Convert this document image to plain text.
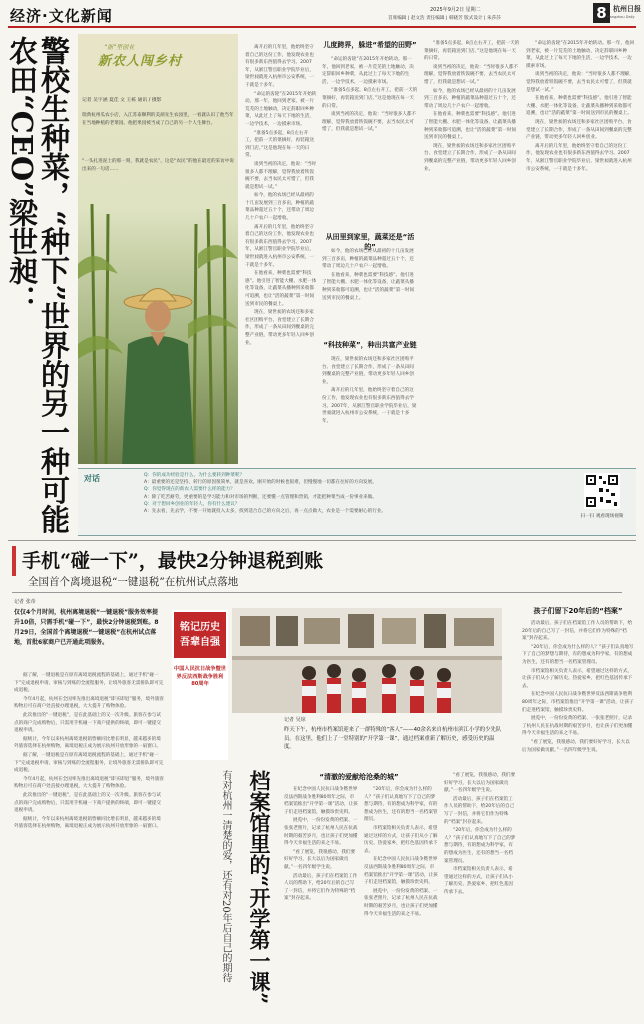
经济·文化新闻	2025年9月2日 星期二
首席编辑 | 赵文浩 责任编辑 | 韩晓芳 版式设计 | 朱莎莎	8 杭州日报
Hangzhou Daily
警校生种菜，“种下”世界的另一种可能
农田“CEO”梁世昶：	“浙”里创业
新农人闯乡村
记者 吴宇涵 夏佳 文 王栋 通讯 / 摄影
瑞典杭州瓜农小店，入江苏泰顺利的美颜先生农园里，一看就认识了他当年在当地种植的老菜园。他把果园被当成了自己的另一个人生舞台。
“一头扎进泥土的那一刻，我就是农民”，这是“农民”的他在最近的采访中说出来的一句话……

离开后的几年里，他始终坚守着自己的这份工作，他发现农业也有很多新东西值得去学习。2007年，从浙江警官职业学院毕业后，梁世昶就进入杭州市公安系统，一干就是十多年。

“命运的齿轮”在2015年开始转动。那一年，他回到老家，被一片荒芜的土地触动，决定辞职回乡种菜，从此过上了每天下地的生活，一边学技术，一边摸索市场。

“准备5点多起，8点左右开工，把前一天的菜摘好，再装箱送到门店。”这是他现在每一天的日常。

谈到当初的决定，他说：“当时很多人都不理解，觉得我放着铁饭碗不要，去当农民太可惜了，但我就是想试一试。”

如今，他的农场已经从最初的十几亩发展到三百多亩，种植的蔬菜品种超过五十个，还带动了周边几十户农户一起增收。

离开后的几年里，他始终坚守着自己的这份工作，他发现农业也有很多新东西值得去学习。2007年，从浙江警官职业学院毕业后，梁世昶就进入杭州市公安系统，一干就是十多年。

在他看来，种菜也需要“科技感”。他引进了智能大棚、水肥一体化等设备，让蔬菜从播种到采收都可追溯，也让“活的蔬菜”第一时间送到市民的餐桌上。

现在，梁世昶的农场还和多家社区团购平台、食堂建立了长期合作，形成了一条从田间到餐桌的完整产业链，带动更多年轻人回乡创业。

儿度跨界，躲进“希望的田野”

“命运的齿轮”在2015年开始转动。那一年，他回到老家，被一片荒芜的土地触动，决定辞职回乡种菜，从此过上了每天下地的生活，一边学技术，一边摸索市场。

“准备5点多起，8点左右开工，把前一天的菜摘好，再装箱送到门店。”这是他现在每一天的日常。

谈到当初的决定，他说：“当时很多人都不理解，觉得我放着铁饭碗不要，去当农民太可惜了，但我就是想试一试。”

从田里到家里，蔬菜还是“活的”

如今，他的农场已经从最初的十几亩发展到三百多亩，种植的蔬菜品种超过五十个，还带动了周边几十户农户一起增收。

在他看来，种菜也需要“科技感”。他引进了智能大棚、水肥一体化等设备，让蔬菜从播种到采收都可追溯，也让“活的蔬菜”第一时间送到市民的餐桌上。

“科技种菜”，种出共富产业链

现在，梁世昶的农场还和多家社区团购平台、食堂建立了长期合作，形成了一条从田间到餐桌的完整产业链，带动更多年轻人回乡创业。

离开后的几年里，他始终坚守着自己的这份工作，他发现农业也有很多新东西值得去学习。2007年，从浙江警官职业学院毕业后，梁世昶就进入杭州市公安系统，一干就是十多年。

“准备5点多起，8点左右开工，把前一天的菜摘好，再装箱送到门店。”这是他现在每一天的日常。

谈到当初的决定，他说：“当时很多人都不理解，觉得我放着铁饭碗不要，去当农民太可惜了，但我就是想试一试。”

如今，他的农场已经从最初的十几亩发展到三百多亩，种植的蔬菜品种超过五十个，还带动了周边几十户农户一起增收。

在他看来，种菜也需要“科技感”。他引进了智能大棚、水肥一体化等设备，让蔬菜从播种到采收都可追溯，也让“活的蔬菜”第一时间送到市民的餐桌上。

现在，梁世昶的农场还和多家社区团购平台、食堂建立了长期合作，形成了一条从田间到餐桌的完整产业链，带动更多年轻人回乡创业。

“命运的齿轮”在2015年开始转动。那一年，他回到老家，被一片荒芜的土地触动，决定辞职回乡种菜，从此过上了每天下地的生活，一边学技术，一边摸索市场。

谈到当初的决定，他说：“当时很多人都不理解，觉得我放着铁饭碗不要，去当农民太可惜了，但我就是想试一试。”

在他看来，种菜也需要“科技感”。他引进了智能大棚、水肥一体化等设备，让蔬菜从播种到采收都可追溯，也让“活的蔬菜”第一时间送到市民的餐桌上。

现在，梁世昶的农场还和多家社区团购平台、食堂建立了长期合作，形成了一条从田间到餐桌的完整产业链，带动更多年轻人回乡创业。

离开后的几年里，他始终坚守着自己的这份工作，他发现农业也有很多新东西值得去学习。2007年，从浙江警官职业学院毕业后，梁世昶就进入杭州市公安系统，一干就是十多年。

对话	Q：你的成功经验是什么，为什么要转到种菜呢？
A：最重要的还是坚持，转行的原因很简单，就是喜欢。刚开始的时候也很难，但慢慢地一切都在往好的方向发展。
Q：你觉得现在的新农人需要什么样的能力？
A：除了吃苦耐劳，更重要的是学习能力和对市场的判断，还要懂一点管理和营销，才能把种菜当成一份事业来做。
Q：对于想回乡创业的年轻人，你有什么建议？
A：先去看，先去学，不要一开始就投入太多，找到适合自己的方向之后，再一点点做大，农业是一个需要耐心的行业。
扫一扫 观看现场视频
手机“碰一下”，最快2分钟退税到账
全国首个离境退税“一键退税”在杭州试点落地
记者 张帝
仅仅4个月时间，杭州离境退税“一键退税”服务效率提升10倍，只需手机“碰一下”，最快2分钟退税到账。8月29日，全国首个离境退税“一键退税”在杭州试点落地，首批6家商户已开通此项服务。

据了解，一键退税是在原有离境退税流程的基础上，通过手机“碰一下”完成退税申请、审核与到账的全流程服务，让境外旅客无需排队即可完成退税。

今年4月起，杭州在全国率先推出离境退税“即买即退”服务，境外旅客购物后可在商户处直接办理退税，大大提升了购物体验。

此次推出的“一键退税”，是在此基础上的又一次升级。旅客在参与试点的商户完成购物后，只需用手机碰一下商户提供的终端，即可一键提交退税申请。

据统计，今年以来杭州离境退税销售额同比增长明显，越来越多的境外旅客选择在杭州购物，离境退税正成为展示杭州开放形象的一扇窗口。

据了解，一键退税是在原有离境退税流程的基础上，通过手机“碰一下”完成退税申请、审核与到账的全流程服务，让境外旅客无需排队即可完成退税。

今年4月起，杭州在全国率先推出离境退税“即买即退”服务，境外旅客购物后可在商户处直接办理退税，大大提升了购物体验。

此次推出的“一键退税”，是在此基础上的又一次升级。旅客在参与试点的商户完成购物后，只需用手机碰一下商户提供的终端，即可一键提交退税申请。

据统计，今年以来杭州离境退税销售额同比增长明显，越来越多的境外旅客选择在杭州购物，离境退税正成为展示杭州开放形象的一扇窗口。

铭记历史
吾辈自强
中国人民抗日战争暨世界反法西斯战争胜利80周年
档案馆里的“开学第一课”
有对杭州一清楚的爱，还有对20年后自己的期待
记者 吴琼
昨天下午，杭州市档案馆迎来了一群特殊的“客人”——40余名来自杭州市滨江小学的少先队员。在这里，他们上了一堂特别的“开学第一课”，通过档案重新了解历史，感受历史的温度。
“清澈的爱献给沧桑的城”

在纪念中国人民抗日战争暨世界反法西斯战争胜利80周年之际，市档案馆推出“开学第一课”活动，让孩子们走进档案馆，触摸珍贵史料。

展览中，一份份发黄的档案、一张张老照片，记录了杭州人民在抗战时期的艰苦岁月，也让孩子们更加懂得今天幸福生活的来之不易。

“看了展览，我很感动，我们要好好学习，长大以后为国家做贡献。”一名四年级学生说。

活动最后，孩子们在档案馆工作人员的帮助下，给20年后的自己写了一封信，并将它们作为特殊的“档案”封存起来。

“20年后，你会成为什么样的人？”孩子们认真地写下了自己的梦想与期待，有的想成为科学家，有的想成为医生，还有的想当一名档案管理员。

市档案馆相关负责人表示，希望通过这样的方式，让孩子们从小了解历史、热爱家乡，把红色基因传承下去。

在纪念中国人民抗日战争暨世界反法西斯战争胜利80周年之际，市档案馆推出“开学第一课”活动，让孩子们走进档案馆，触摸珍贵史料。

展览中，一份份发黄的档案、一张张老照片，记录了杭州人民在抗战时期的艰苦岁月，也让孩子们更加懂得今天幸福生活的来之不易。

“看了展览，我很感动，我们要好好学习，长大以后为国家做贡献。”一名四年级学生说。

活动最后，孩子们在档案馆工作人员的帮助下，给20年后的自己写了一封信，并将它们作为特殊的“档案”封存起来。

“20年后，你会成为什么样的人？”孩子们认真地写下了自己的梦想与期待，有的想成为科学家，有的想成为医生，还有的想当一名档案管理员。

市档案馆相关负责人表示，希望通过这样的方式，让孩子们从小了解历史、热爱家乡，把红色基因传承下去。

孩子们留下20年后的“档案”

活动最后，孩子们在档案馆工作人员的帮助下，给20年后的自己写了一封信，并将它们作为特殊的“档案”封存起来。

“20年后，你会成为什么样的人？”孩子们认真地写下了自己的梦想与期待，有的想成为科学家，有的想成为医生，还有的想当一名档案管理员。

市档案馆相关负责人表示，希望通过这样的方式，让孩子们从小了解历史、热爱家乡，把红色基因传承下去。

在纪念中国人民抗日战争暨世界反法西斯战争胜利80周年之际，市档案馆推出“开学第一课”活动，让孩子们走进档案馆，触摸珍贵史料。

展览中，一份份发黄的档案、一张张老照片，记录了杭州人民在抗战时期的艰苦岁月，也让孩子们更加懂得今天幸福生活的来之不易。

“看了展览，我很感动，我们要好好学习，长大以后为国家做贡献。”一名四年级学生说。
